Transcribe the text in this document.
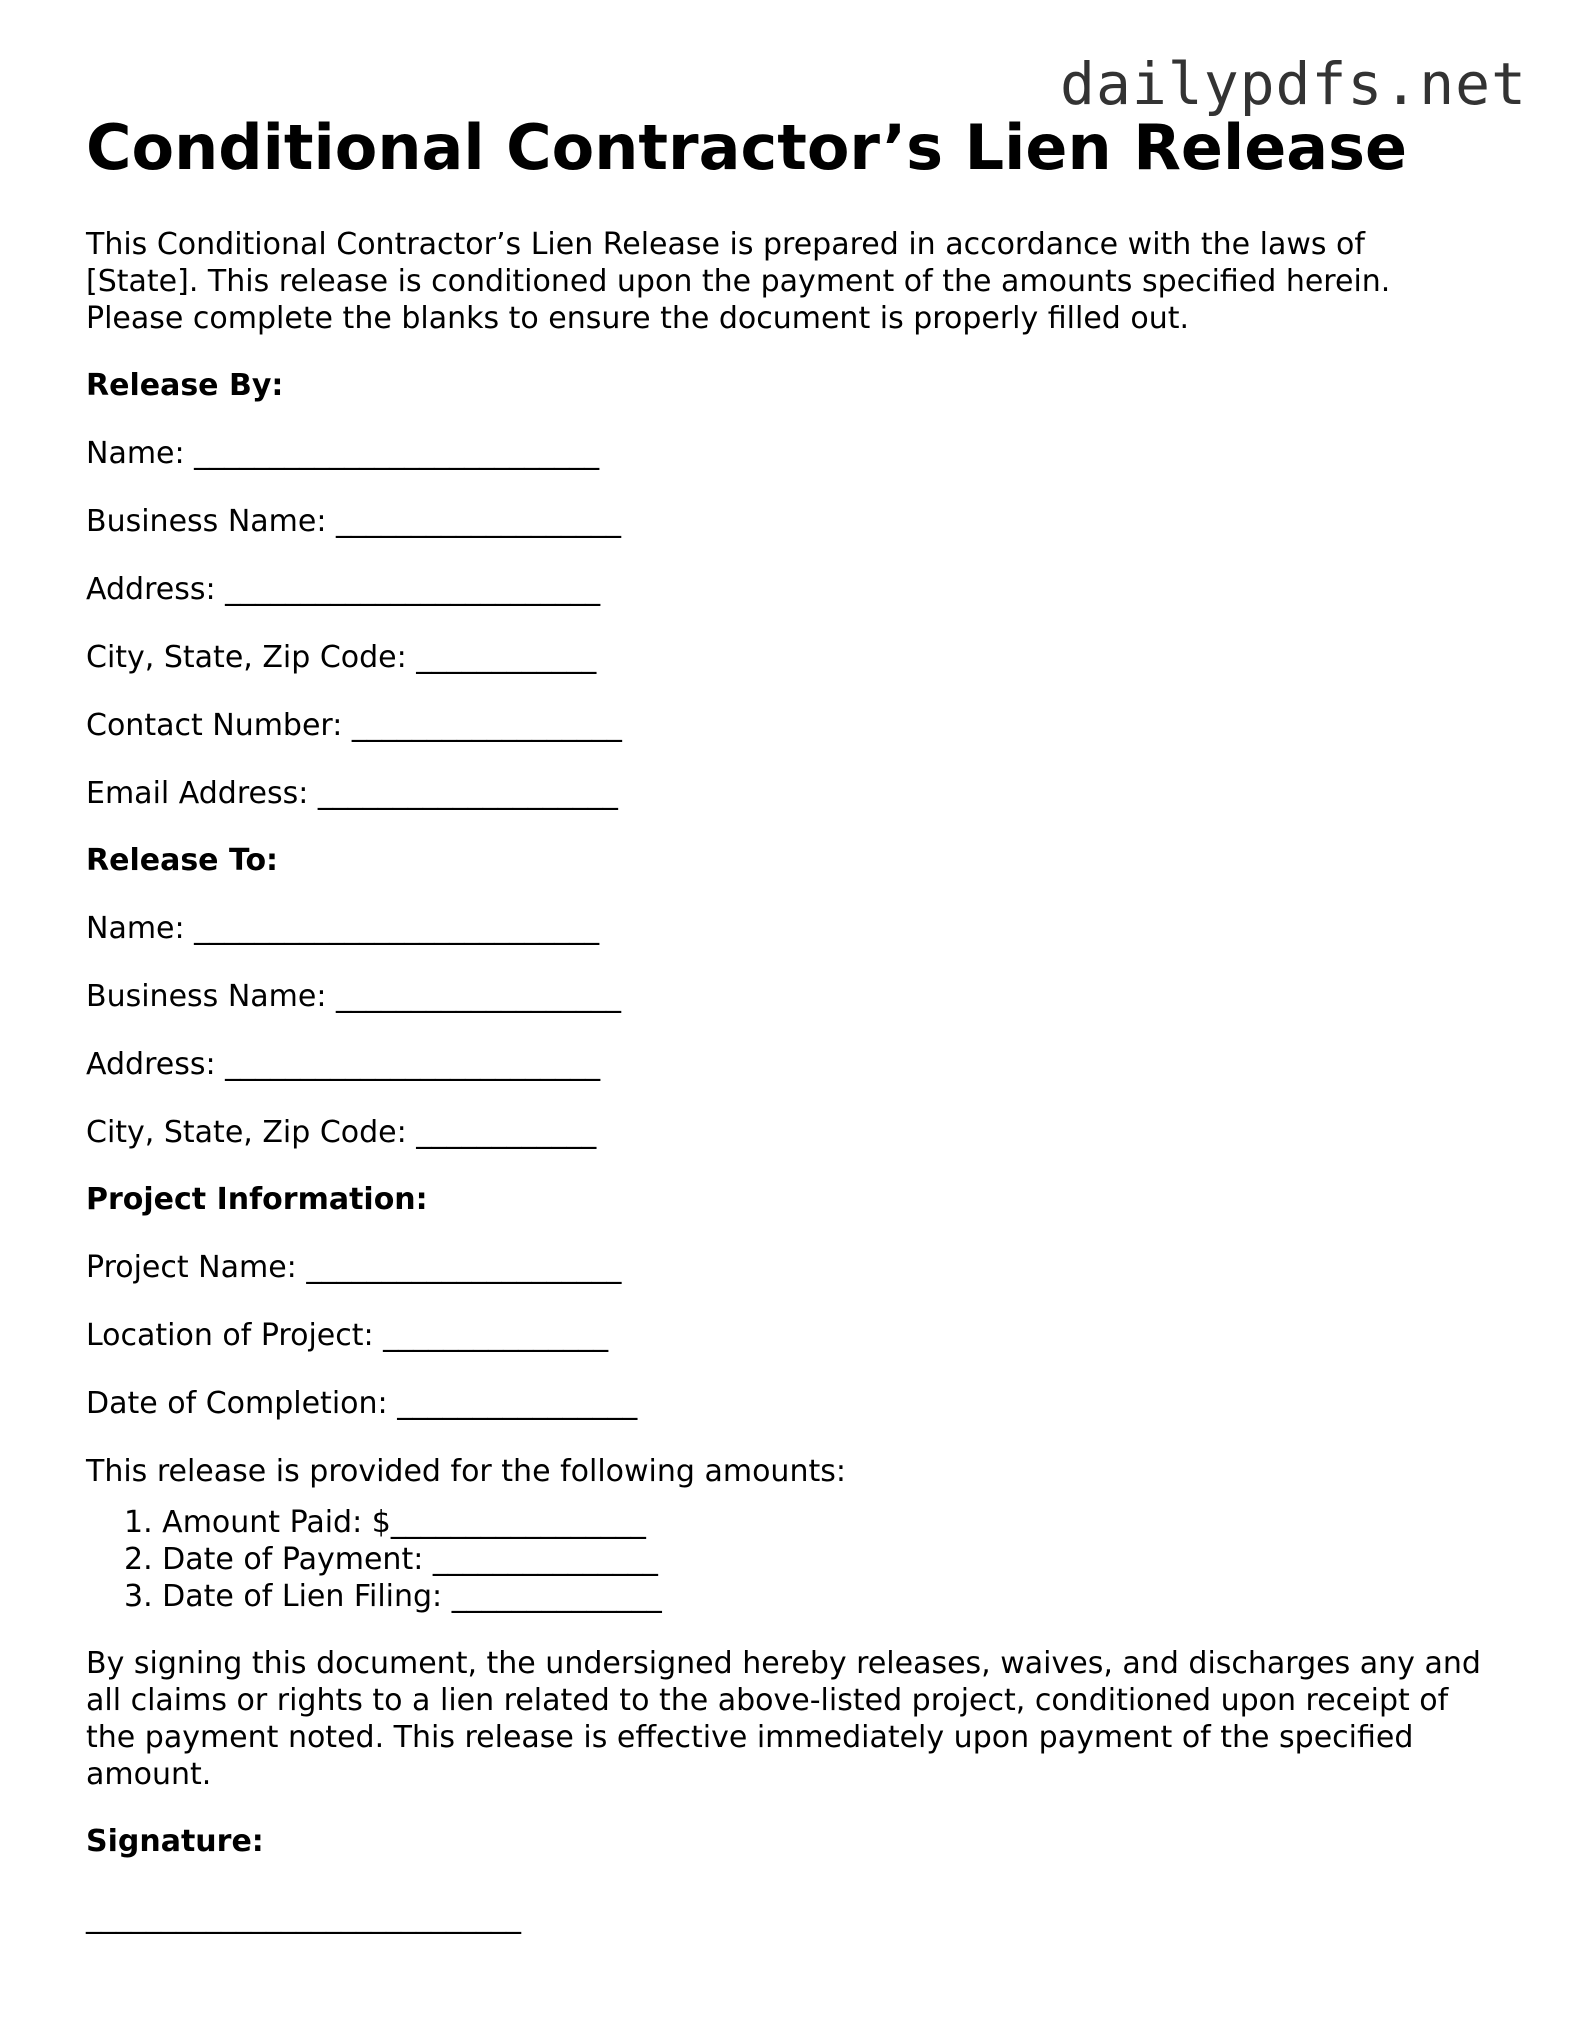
dailypdfs.net
Conditional Contractor’s Lien Release

This Conditional Contractor’s Lien Release is prepared in accordance with the laws of [State]. This release is conditioned upon the payment of the amounts specified herein. Please complete the blanks to ensure the document is properly filled out.

Release By:
Name: ___________________________
Business Name: ___________________
Address: _________________________
City, State, Zip Code: ____________
Contact Number: __________________
Email Address: ____________________
Release To:
Name: ___________________________
Business Name: ___________________
Address: _________________________
City, State, Zip Code: ____________
Project Information:
Project Name: _____________________
Location of Project: _______________
Date of Completion: ________________

This release is provided for the following amounts:

1. Amount Paid: $_________________
2. Date of Payment: _______________
3. Date of Lien Filing: ______________

By signing this document, the undersigned hereby releases, waives, and discharges any and all claims or rights to a lien related to the above-listed project, conditioned upon receipt of the payment noted. This release is effective immediately upon payment of the specified amount.

Signature:
_____________________________
